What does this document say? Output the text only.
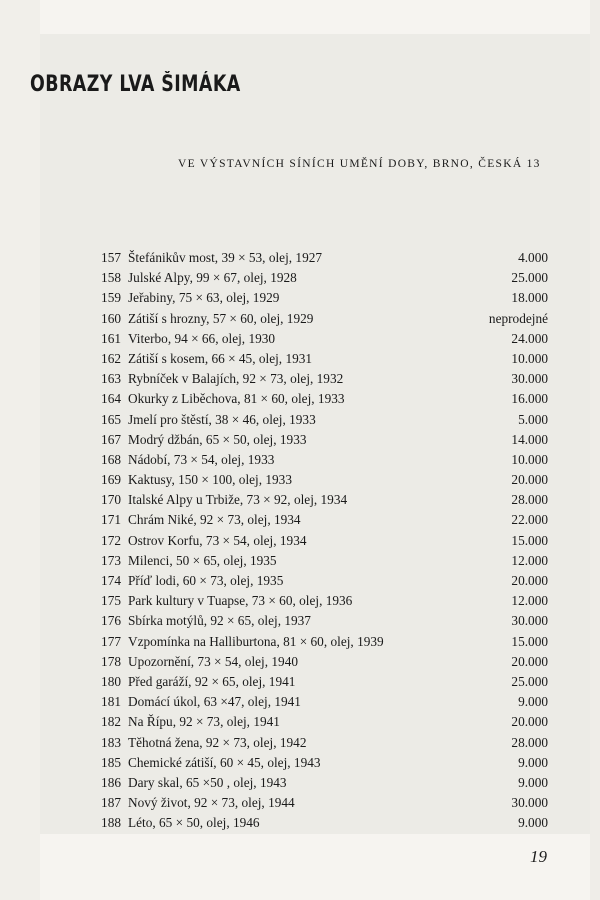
OBRAZY LVA ŠIMÁKA

VE VÝSTAVNÍCH SÍNÍCH UMĚNÍ DOBY, BRNO, ČESKÁ 13

157 Štefánikův most, 39 × 53, olej, 1927	4.000
158 Julské Alpy, 99 × 67, olej, 1928	25.000
159 Jeřabiny, 75 × 63, olej, 1929	18.000
160 Zátiší s hrozny, 57 × 60, olej, 1929	neprodejné
161 Viterbo, 94 × 66, olej, 1930	24.000
162 Zátiší s kosem, 66 × 45, olej, 1931	10.000
163 Rybníček v Balajích, 92 × 73, olej, 1932	30.000
164 Okurky z Liběchova, 81 × 60, olej, 1933	16.000
165 Jmelí pro štěstí, 38 × 46, olej, 1933	5.000
167 Modrý džbán, 65 × 50, olej, 1933	14.000
168 Nádobí, 73 × 54, olej, 1933	10.000
169 Kaktusy, 150 × 100, olej, 1933	20.000
170 Italské Alpy u Trbiže, 73 × 92, olej, 1934	28.000
171 Chrám Niké, 92 × 73, olej, 1934	22.000
172 Ostrov Korfu, 73 × 54, olej, 1934	15.000
173 Milenci, 50 × 65, olej, 1935	12.000
174 Příď lodi, 60 × 73, olej, 1935	20.000
175 Park kultury v Tuapse, 73 × 60, olej, 1936	12.000
176 Sbírka motýlů, 92 × 65, olej, 1937	30.000
177 Vzpomínka na Halliburtona, 81 × 60, olej, 1939	15.000
178 Upozornění, 73 × 54, olej, 1940	20.000
180 Před garáží, 92 × 65, olej, 1941	25.000
181 Domácí úkol, 63 ×47, olej, 1941	9.000
182 Na Řípu, 92 × 73, olej, 1941	20.000
183 Těhotná žena, 92 × 73, olej, 1942	28.000
185 Chemické zátiší, 60 × 45, olej, 1943	9.000
186 Dary skal, 65 ×50 , olej, 1943	9.000
187 Nový život, 92 × 73, olej, 1944	30.000
188 Léto, 65 × 50, olej, 1946	9.000
19
